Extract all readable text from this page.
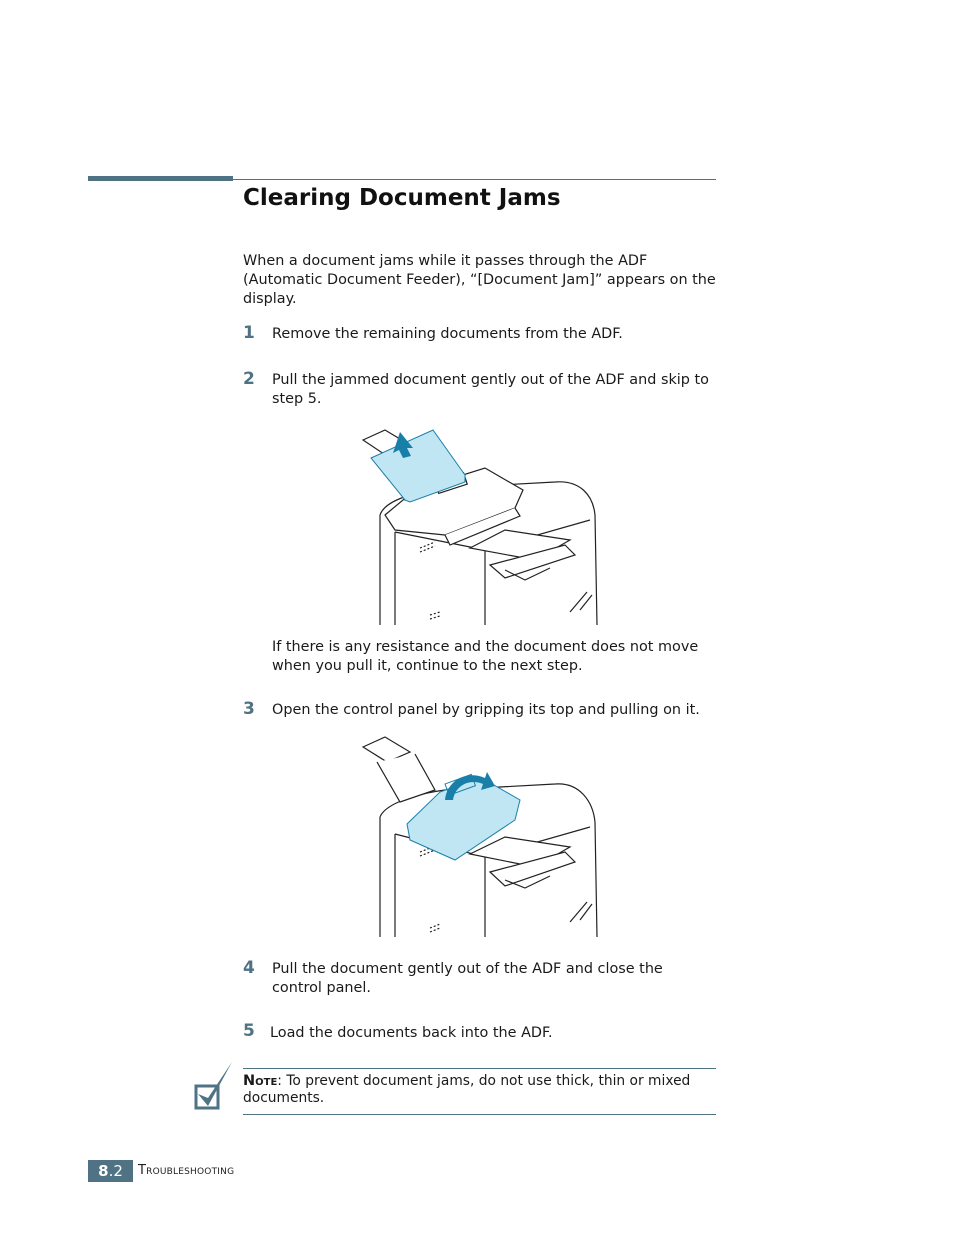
Clearing Document Jams
When a document jams while it passes through the ADF (Automatic Document Feeder), “[Document Jam]” appears on the display.
1 Remove the remaining documents from the ADF.
2 Pull the jammed document gently out of the ADF and skip to step 5.
If there is any resistance and the document does not move when you pull it, continue to the next step.
3 Open the control panel by gripping its top and pulling on it.
4 Pull the document gently out of the ADF and close the control panel.
5 Load the documents back into the ADF.
Note: To prevent document jams, do not use thick, thin or mixed documents.
8.2	Troubleshooting
